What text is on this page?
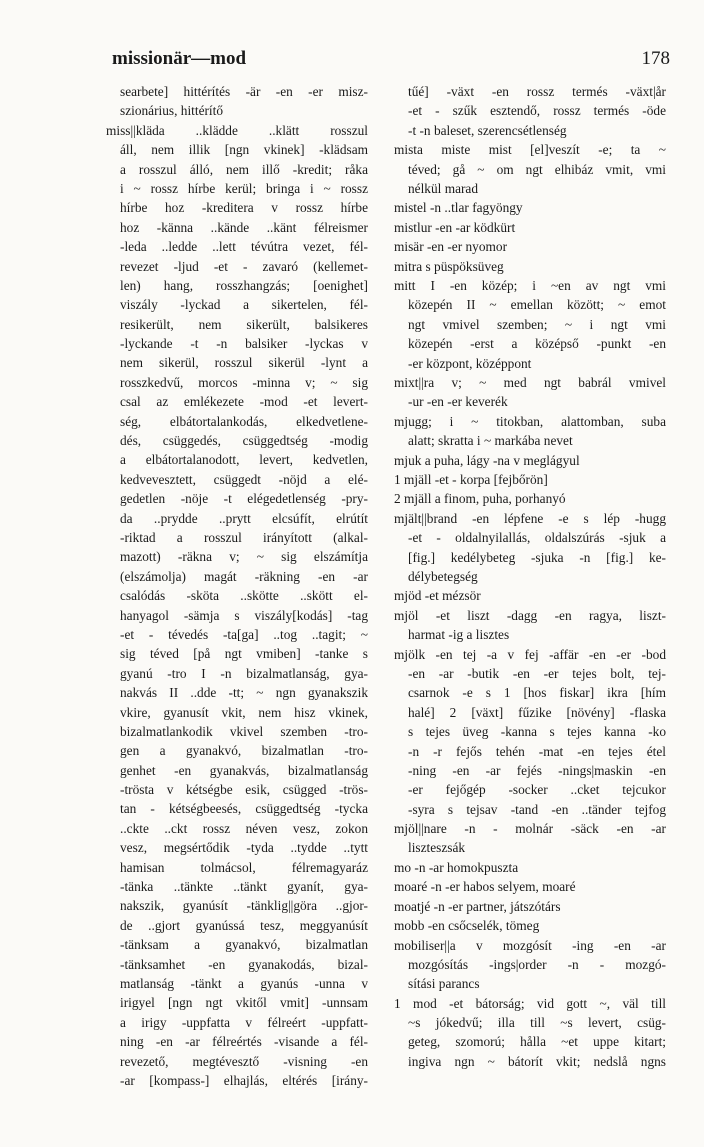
missionär—mod	178
searbete] hittérítés -är -en -er misz-
szionárius, hittérítő
miss||kläda ..klädde ..klätt rosszul
áll, nem illik [ngn vkinek] -klädsam
a rosszul álló, nem illő -kredit; råka
i ~ rossz hírbe kerül; bringa i ~ rossz
hírbe hoz -kreditera v rossz hírbe
hoz -känna ..kände ..känt félreismer
-leda ..ledde ..lett tévútra vezet, fél-
revezet -ljud -et - zavaró (kellemet-
len) hang, rosszhangzás; [oenighet]
viszály -lyckad a sikertelen, fél-
resikerült, nem sikerült, balsikeres
-lyckande -t -n balsiker -lyckas v
nem sikerül, rosszul sikerül -lynt a
rosszkedvű, morcos -minna v; ~ sig
csal az emlékezete -mod -et levert-
ség, elbátortalankodás, elkedvetlene-
dés, csüggedés, csüggedtség -modig
a elbátortalanodott, levert, kedvetlen,
kedvevesztett, csüggedt -nöjd a elé-
gedetlen -nöje -t elégedetlenség -pry-
da ..prydde ..prytt elcsúfít, elrútít
-riktad a rosszul irányított (alkal-
mazott) -räkna v; ~ sig elszámítja
(elszámolja) magát -räkning -en -ar
csalódás -sköta ..skötte ..skött el-
hanyagol -sämja s viszály[kodás] -tag
-et - tévedés -ta[ga] ..tog ..tagit; ~
sig téved [på ngt vmiben] -tanke s
gyanú -tro I -n bizalmatlanság, gya-
nakvás II ..dde -tt; ~ ngn gyanakszik
vkire, gyanusít vkit, nem hisz vkinek,
bizalmatlankodik vkivel szemben -tro-
gen a gyanakvó, bizalmatlan -tro-
genhet -en gyanakvás, bizalmatlanság
-trösta v kétségbe esik, csügged -trös-
tan - kétségbeesés, csüggedtség -tycka
..ckte ..ckt rossz néven vesz, zokon
vesz, megsértődik -tyda ..tydde ..tytt
hamisan tolmácsol, félremagyaráz
-tänka ..tänkte ..tänkt gyanít, gya-
nakszik, gyanúsít -tänklig||göra ..gjor-
de ..gjort gyanússá tesz, meggyanúsít
-tänksam a gyanakvó, bizalmatlan
-tänksamhet -en gyanakodás, bizal-
matlanság -tänkt a gyanús -unna v
irigyel [ngn ngt vkitől vmit] -unnsam
a irigy -uppfatta v félreért -uppfatt-
ning -en -ar félreértés -visande a fél-
revezető, megtévesztő -visning -en
-ar [kompass-] elhajlás, eltérés [irány-
tűé] -växt -en rossz termés -växt|år
-et - szűk esztendő, rossz termés -öde
-t -n baleset, szerencsétlenség
mista miste mist [el]veszít -e; ta ~
téved; gå ~ om ngt elhibáz vmit, vmi
nélkül marad
mistel -n ..tlar fagyöngy
mistlur -en -ar ködkürt
misär -en -er nyomor
mitra s püspöksüveg
mitt I -en közép; i ~en av ngt vmi
közepén II ~ emellan között; ~ emot
ngt vmivel szemben; ~ i ngt vmi
közepén -erst a középső -punkt -en
-er központ, középpont
mixt||ra v; ~ med ngt babrál vmivel
-ur -en -er keverék
mjugg; i ~ titokban, alattomban, suba
alatt; skratta i ~ markába nevet
mjuk a puha, lágy -na v meglágyul
1 mjäll -et - korpa [fejbőrön]
2 mjäll a finom, puha, porhanyó
mjält||brand -en lépfene -e s lép -hugg
-et - oldalnyilallás, oldalszúrás -sjuk a
[fig.] kedélybeteg -sjuka -n [fig.] ke-
délybetegség
mjöd -et mézsör
mjöl -et liszt -dagg -en ragya, liszt-
harmat -ig a lisztes
mjölk -en tej -a v fej -affär -en -er -bod
-en -ar -butik -en -er tejes bolt, tej-
csarnok -e s 1 [hos fiskar] ikra [hím
halé] 2 [växt] fűzike [növény] -flaska
s tejes üveg -kanna s tejes kanna -ko
-n -r fejős tehén -mat -en tejes étel
-ning -en -ar fejés -nings|maskin -en
-er fejőgép -socker ..cket tejcukor
-syra s tejsav -tand -en ..tänder tejfog
mjöl||nare -n - molnár -säck -en -ar
liszteszsák
mo -n -ar homokpuszta
moaré -n -er habos selyem, moaré
moatjé -n -er partner, játszótárs
mobb -en csőcselék, tömeg
mobiliser||a v mozgósít -ing -en -ar
mozgósítás -ings|order -n - mozgó-
sítási parancs
1 mod -et bátorság; vid gott ~, väl till
~s jókedvű; illa till ~s levert, csüg-
geteg, szomorú; hålla ~et uppe kitart;
ingiva ngn ~ bátorít vkit; nedslå ngns
